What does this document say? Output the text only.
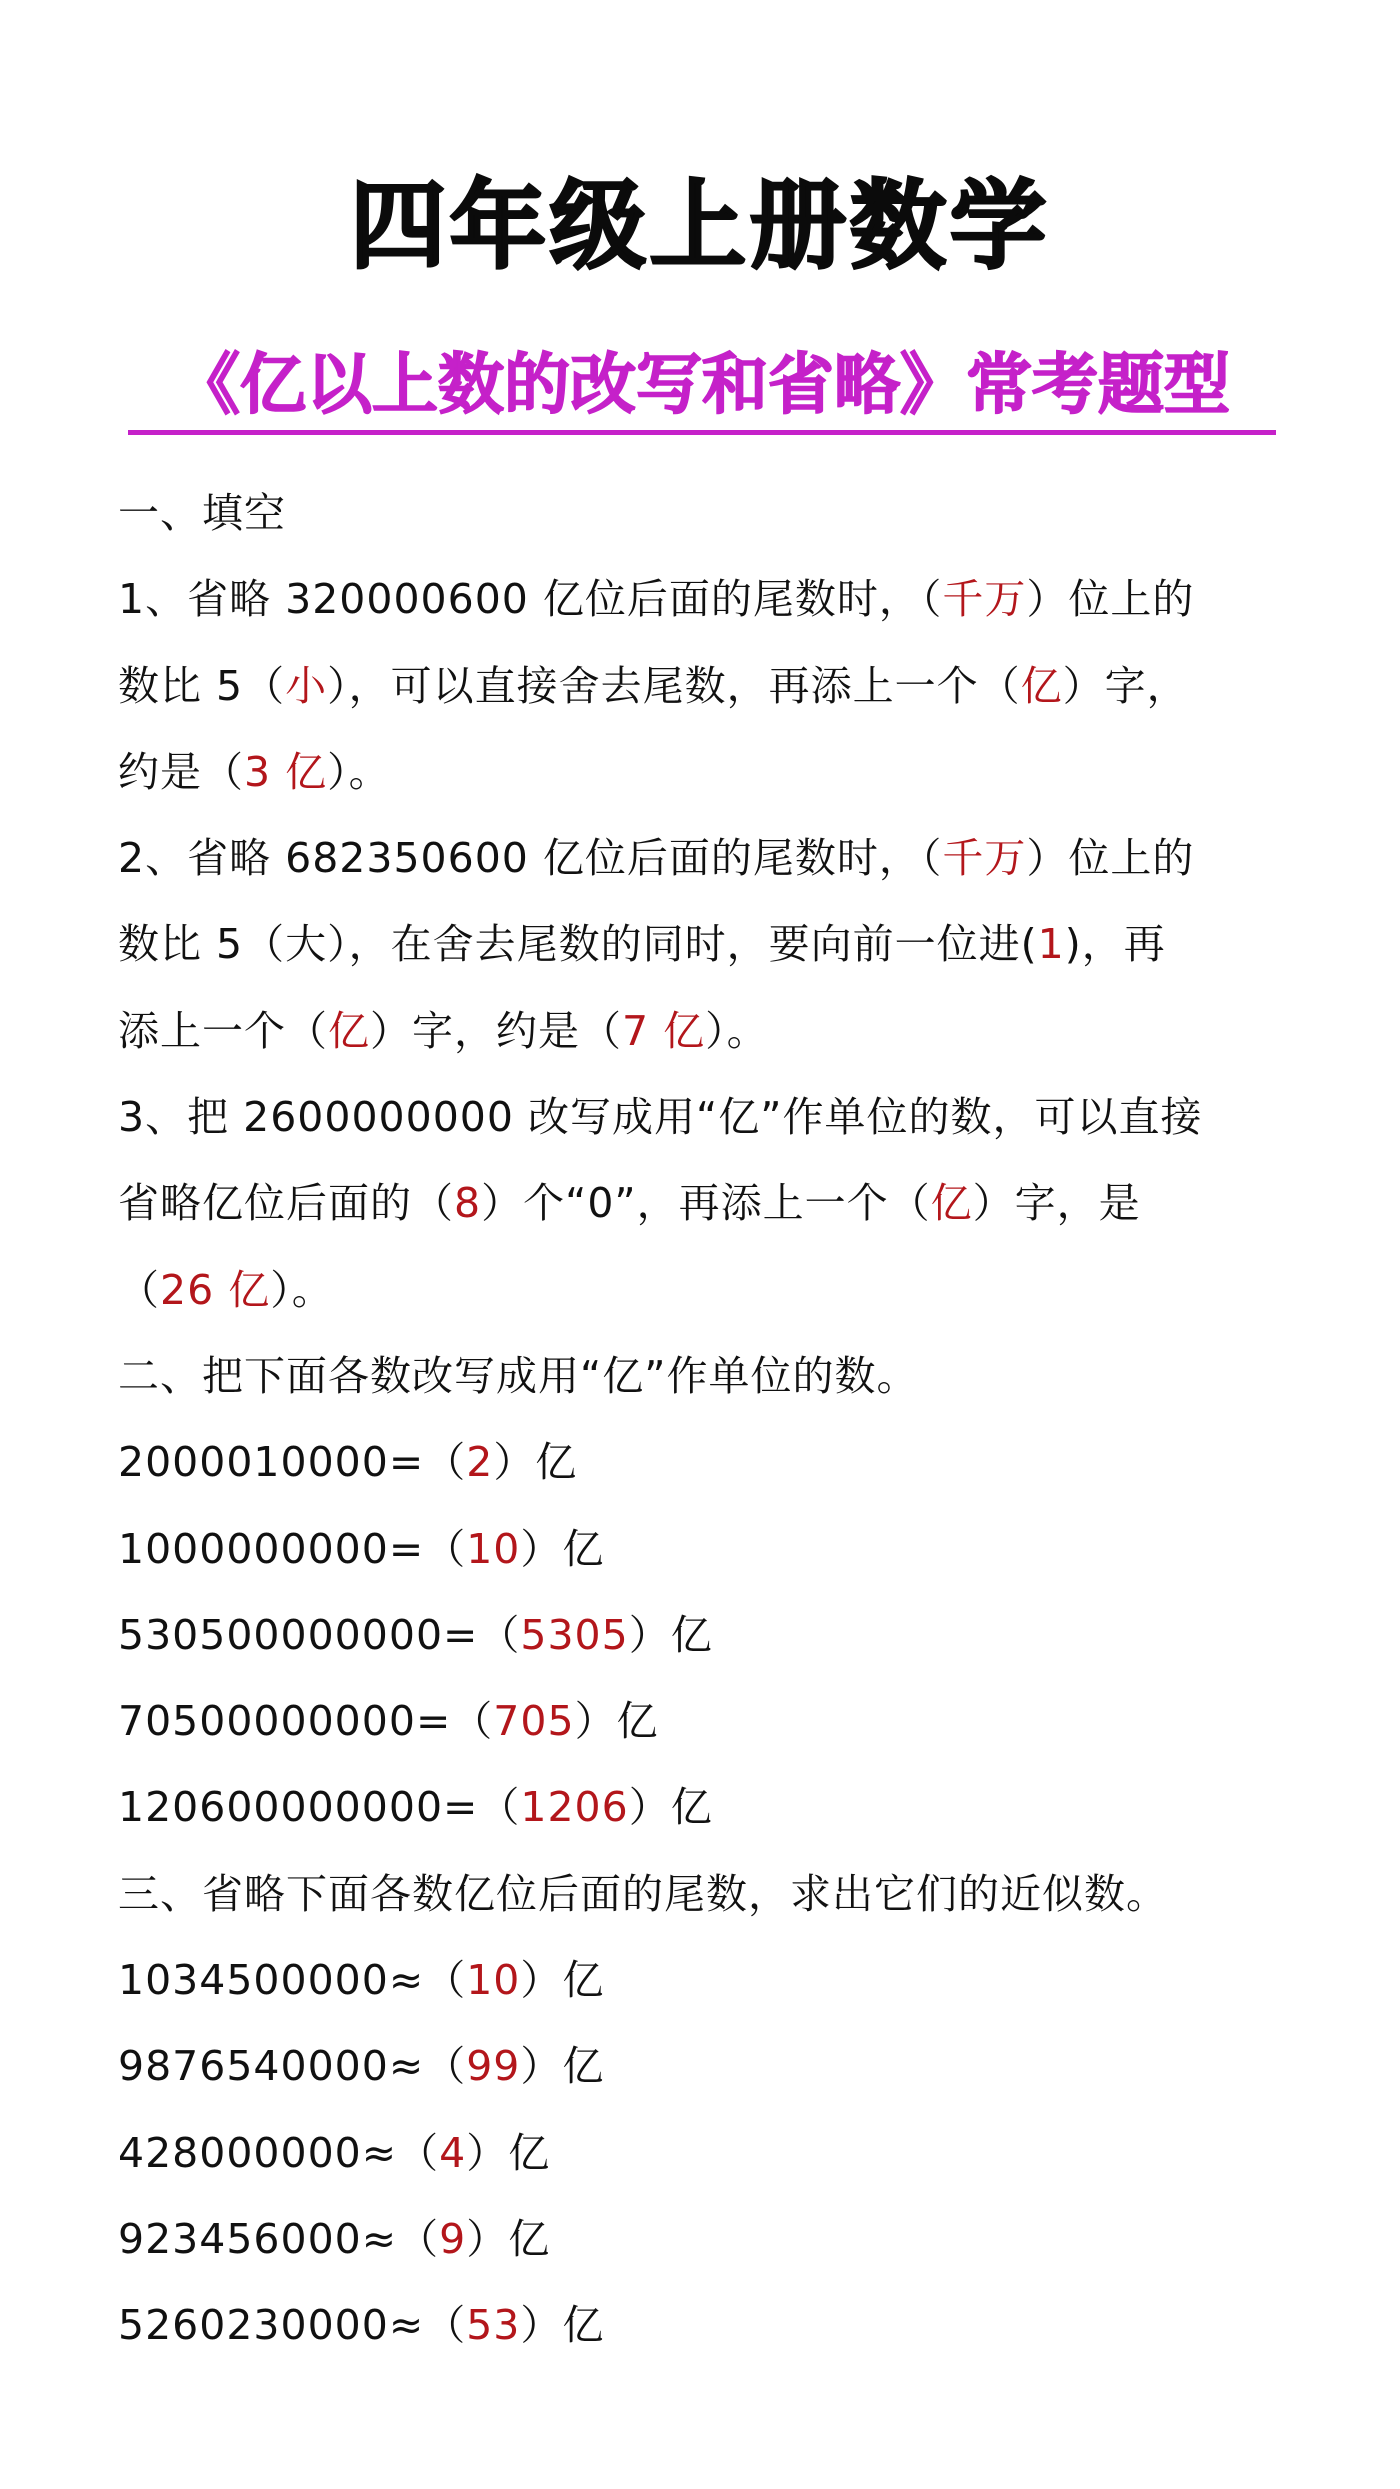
四年级上册数学
《亿以上数的改写和省略》常考题型
一、填空
1、省略 320000600 亿位后面的尾数时，（千万）位上的
数比 5（小），可以直接舍去尾数，再添上一个（亿）字，
约是（3 亿）。
2、省略 682350600 亿位后面的尾数时，（千万）位上的
数比 5（大），在舍去尾数的同时，要向前一位进(1)，再
添上一个（亿）字，约是（7 亿）。
3、把 2600000000 改写成用“亿”作单位的数，可以直接
省略亿位后面的（8）个“0”，再添上一个（亿）字，是
（26 亿）。
二、把下面各数改写成用“亿”作单位的数。
2000010000=（2）亿
1000000000=（10）亿
530500000000=（5305）亿
70500000000=（705）亿
120600000000=（1206）亿
三、省略下面各数亿位后面的尾数，求出它们的近似数。
1034500000≈（10）亿
9876540000≈（99）亿
428000000≈（4）亿
923456000≈（9）亿
5260230000≈（53）亿
